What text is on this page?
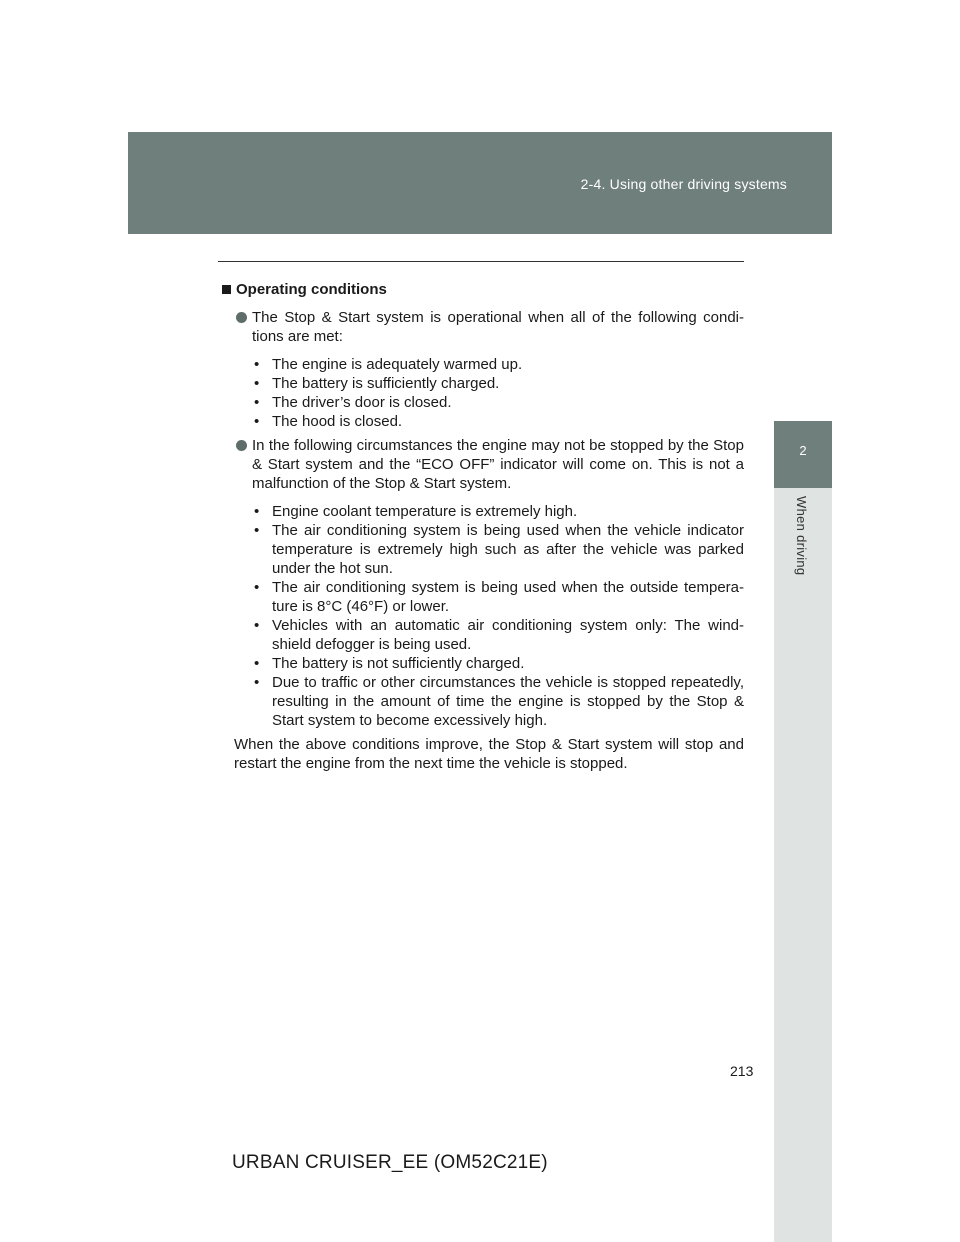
2-4. Using other driving systems
2
When driving

Operating conditions

The Stop & Start system is operational when all of the following condi-tions are met:

• The engine is adequately warmed up.
• The battery is sufficiently charged.
• The driver’s door is closed.
• The hood is closed.

In the following circumstances the engine may not be stopped by the Stop & Start system and the “ECO OFF” indicator will come on. This is not a malfunction of the Stop & Start system.

• Engine coolant temperature is extremely high.
• The air conditioning system is being used when the vehicle indicator temperature is extremely high such as after the vehicle was parked under the hot sun.
• The air conditioning system is being used when the outside tempera-ture is 8°C (46°F) or lower.
• Vehicles with an automatic air conditioning system only: The wind-shield defogger is being used.
• The battery is not sufficiently charged.
• Due to traffic or other circumstances the vehicle is stopped repeatedly, resulting in the amount of time the engine is stopped by the Stop & Start system to become excessively high.

When the above conditions improve, the Stop & Start system will stop and restart the engine from the next time the vehicle is stopped.

213
URBAN CRUISER_EE (OM52C21E)
